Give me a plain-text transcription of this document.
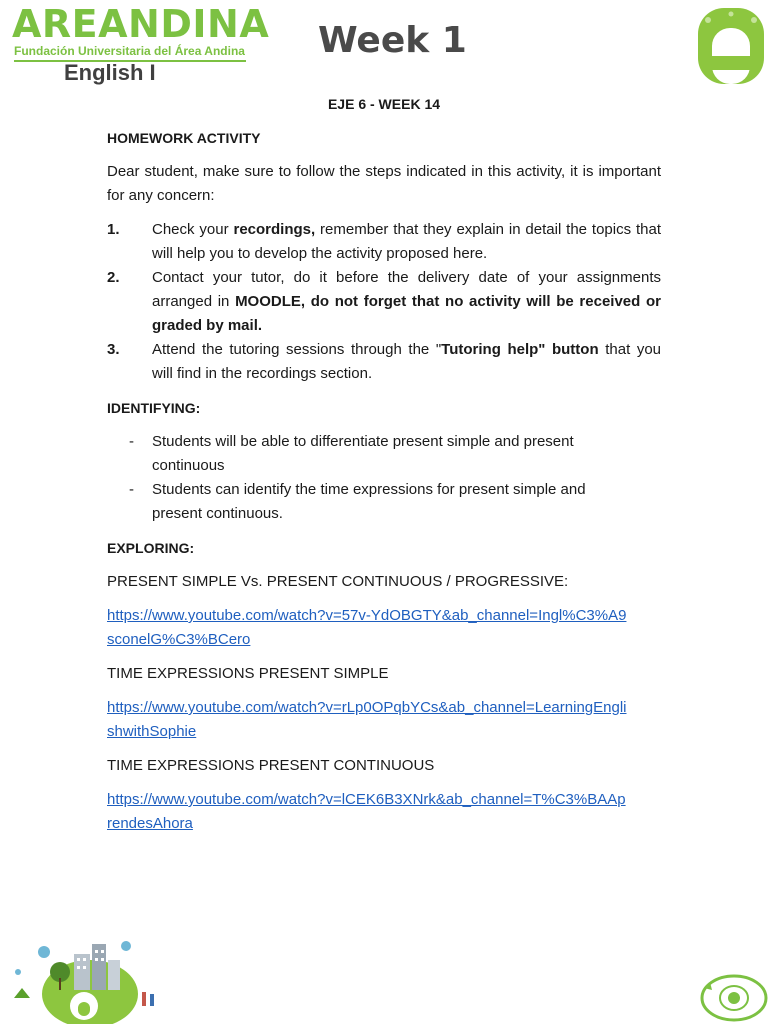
AREANDINA
Fundación Universitaria del Área Andina
English I
Week 1
EJE 6 - WEEK 14
HOMEWORK ACTIVITY

Dear student, make sure to follow the steps indicated in this activity, it is important for any concern:

1.	Check your recordings, remember that they explain in detail the topics that will help you to develop the activity proposed here.
2.	Contact your tutor, do it before the delivery date of your assignments arranged in MOODLE, do not forget that no activity will be received or graded by mail.
3.	Attend the tutoring sessions through the "Tutoring help" button that you will find in the recordings section.
IDENTIFYING:
-	Students will be able to differentiate present simple and present continuous
-	Students can identify the time expressions for present simple and present continuous.
EXPLORING:

PRESENT SIMPLE Vs. PRESENT CONTINUOUS / PROGRESSIVE:

https://www.youtube.com/watch?v=57v-YdOBGTY&ab_channel=Ingl%C3%A9sconelG%C3%BCero

TIME EXPRESSIONS PRESENT SIMPLE

https://www.youtube.com/watch?v=rLp0OPqbYCs&ab_channel=LearningEnglishwithSophie

TIME EXPRESSIONS PRESENT CONTINUOUS

https://www.youtube.com/watch?v=lCEK6B3XNrk&ab_channel=T%C3%BAAprendesAhora
